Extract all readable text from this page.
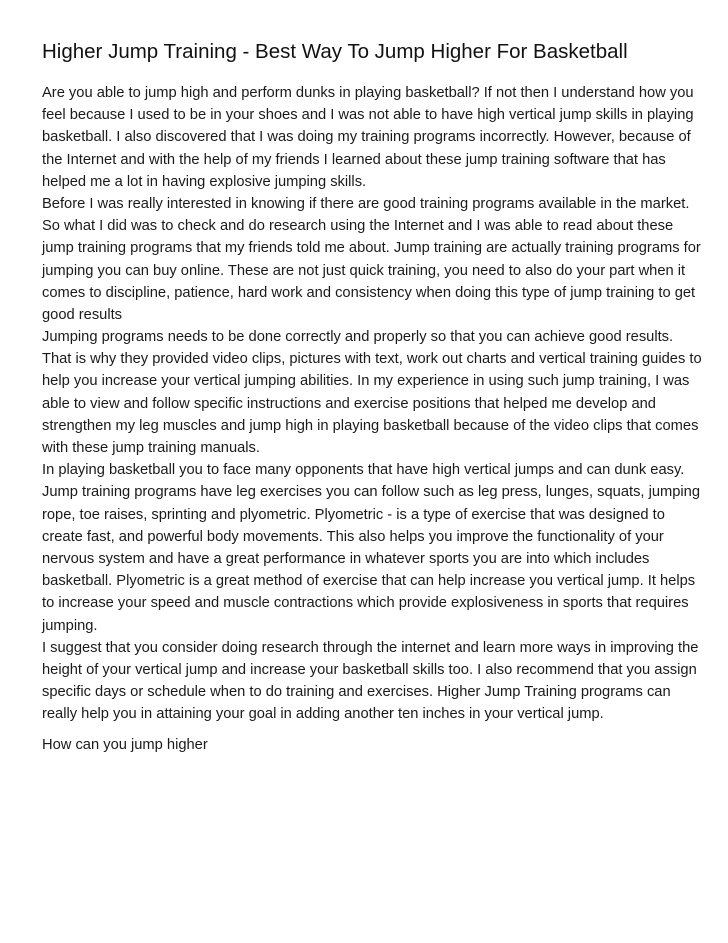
Higher Jump Training - Best Way To Jump Higher For Basketball
Are you able to jump high and perform dunks in playing basketball? If not then I understand how you
feel because I used to be in your shoes and I was not able to have high vertical jump skills in playing
basketball. I also discovered that I was doing my training programs incorrectly. However, because of
the Internet and with the help of my friends I learned about these jump training software that has
helped me a lot in having explosive jumping skills.
Before I was really interested in knowing if there are good training programs available in the market.
So what I did was to check and do research using the Internet and I was able to read about these
jump training programs that my friends told me about. Jump training are actually training programs for
jumping you can buy online. These are not just quick training, you need to also do your part when it
comes to discipline, patience, hard work and consistency when doing this type of jump training to get
good results
Jumping programs needs to be done correctly and properly so that you can achieve good results.
That is why they provided video clips, pictures with text, work out charts and vertical training guides to
help you increase your vertical jumping abilities. In my experience in using such jump training, I was
able to view and follow specific instructions and exercise positions that helped me develop and
strengthen my leg muscles and jump high in playing basketball because of the video clips that comes
with these jump training manuals.
In playing basketball you to face many opponents that have high vertical jumps and can dunk easy.
Jump training programs have leg exercises you can follow such as leg press, lunges, squats, jumping
rope, toe raises, sprinting and plyometric. Plyometric - is a type of exercise that was designed to
create fast, and powerful body movements. This also helps you improve the functionality of your
nervous system and have a great performance in whatever sports you are into which includes
basketball. Plyometric is a great method of exercise that can help increase you vertical jump. It helps
to increase your speed and muscle contractions which provide explosiveness in sports that requires
jumping.
I suggest that you consider doing research through the internet and learn more ways in improving the
height of your vertical jump and increase your basketball skills too. I also recommend that you assign
specific days or schedule when to do training and exercises. Higher Jump Training programs can
really help you in attaining your goal in adding another ten inches in your vertical jump.
How can you jump higher
